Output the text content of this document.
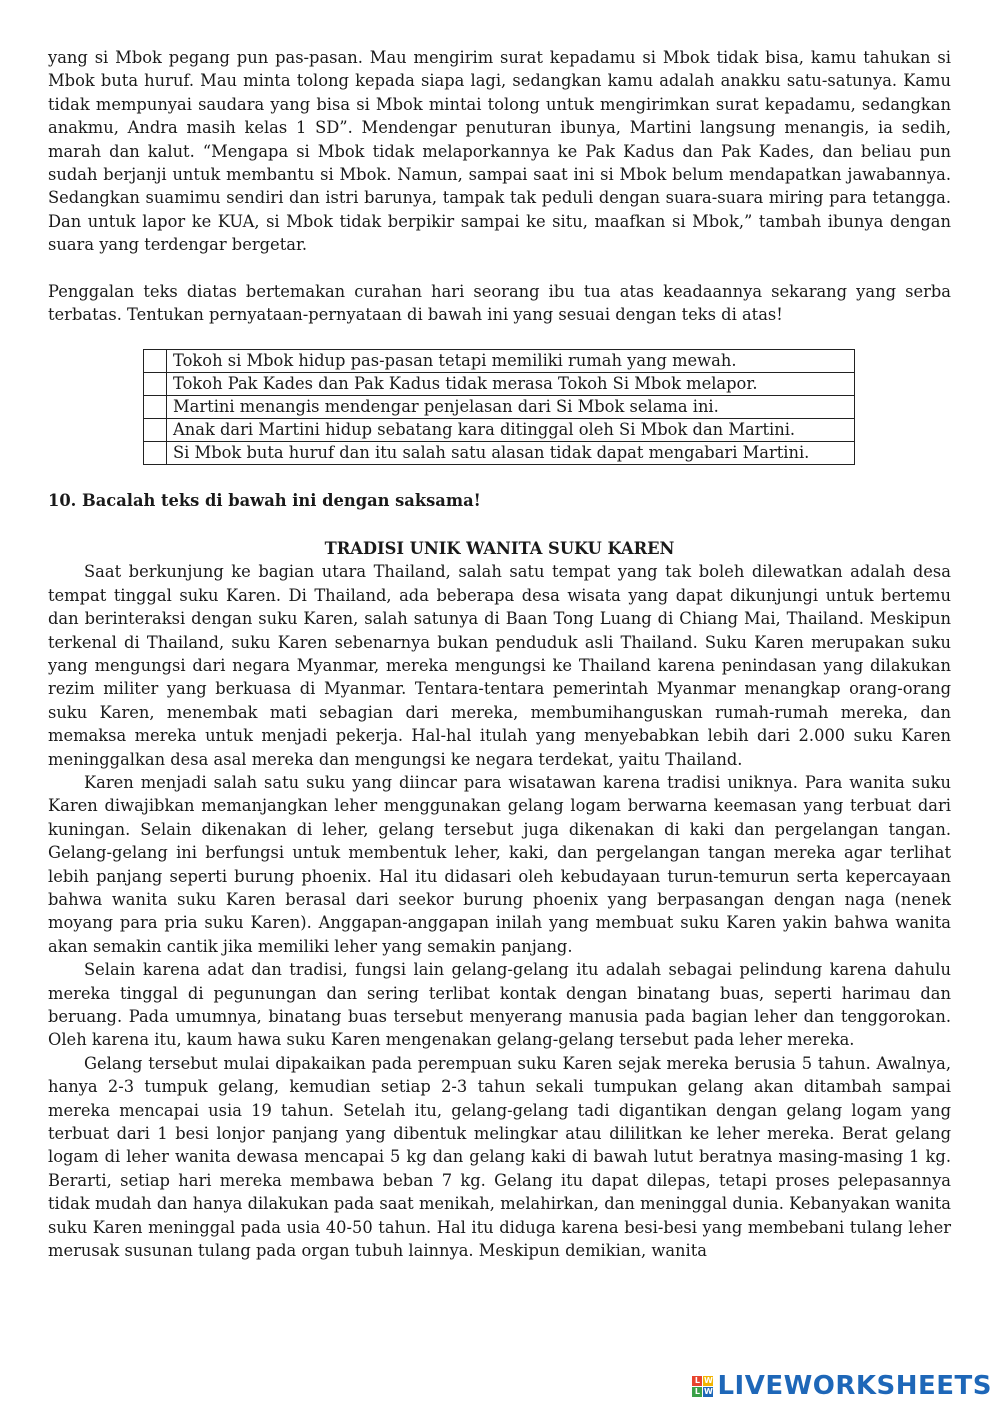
yang si Mbok pegang pun pas-pasan. Mau mengirim surat kepadamu si Mbok tidak bisa, kamu tahukan si Mbok buta huruf. Mau minta tolong kepada siapa lagi, sedangkan kamu adalah anakku satu-satunya. Kamu tidak mempunyai saudara yang bisa si Mbok mintai tolong untuk mengirimkan surat kepadamu, sedangkan anakmu, Andra masih kelas 1 SD”. Mendengar penuturan ibunya, Martini langsung menangis, ia sedih, marah dan kalut. “Mengapa si Mbok tidak melaporkannya ke Pak Kadus dan Pak Kades, dan beliau pun sudah berjanji untuk membantu si Mbok. Namun, sampai saat ini si Mbok belum mendapatkan jawabannya. Sedangkan suamimu sendiri dan istri barunya, tampak tak peduli dengan suara-suara miring para tetangga. Dan untuk lapor ke KUA, si Mbok tidak berpikir sampai ke situ, maafkan si Mbok,” tambah ibunya dengan suara yang terdengar bergetar.

Penggalan teks diatas bertemakan curahan hari seorang ibu tua atas keadaannya sekarang yang serba terbatas. Tentukan pernyataan-pernyataan di bawah ini yang sesuai dengan teks di atas!

	Tokoh si Mbok hidup pas-pasan tetapi memiliki rumah yang mewah.
	Tokoh Pak Kades dan Pak Kadus tidak merasa Tokoh Si Mbok melapor.
	Martini menangis mendengar penjelasan dari Si Mbok selama ini.
	Anak dari Martini hidup sebatang kara ditinggal oleh Si Mbok dan Martini.
	Si Mbok buta huruf dan itu salah satu alasan tidak dapat mengabari Martini.

10. Bacalah teks di bawah ini dengan saksama!

TRADISI UNIK WANITA SUKU KAREN

Saat berkunjung ke bagian utara Thailand, salah satu tempat yang tak boleh dilewatkan adalah desa tempat tinggal suku Karen. Di Thailand, ada beberapa desa wisata yang dapat dikunjungi untuk bertemu dan berinteraksi dengan suku Karen, salah satunya di Baan Tong Luang di Chiang Mai, Thailand. Meskipun terkenal di Thailand, suku Karen sebenarnya bukan penduduk asli Thailand. Suku Karen merupakan suku yang mengungsi dari negara Myanmar, mereka mengungsi ke Thailand karena penindasan yang dilakukan rezim militer yang berkuasa di Myanmar. Tentara-tentara pemerintah Myanmar menangkap orang-orang suku Karen, menembak mati sebagian dari mereka, membumihanguskan rumah-rumah mereka, dan memaksa mereka untuk menjadi pekerja. Hal-hal itulah yang menyebabkan lebih dari 2.000 suku Karen meninggalkan desa asal mereka dan mengungsi ke negara terdekat, yaitu Thailand.

Karen menjadi salah satu suku yang diincar para wisatawan karena tradisi uniknya. Para wanita suku Karen diwajibkan memanjangkan leher menggunakan gelang logam berwarna keemasan yang terbuat dari kuningan. Selain dikenakan di leher, gelang tersebut juga dikenakan di kaki dan pergelangan tangan. Gelang-gelang ini berfungsi untuk membentuk leher, kaki, dan pergelangan tangan mereka agar terlihat lebih panjang seperti burung phoenix. Hal itu didasari oleh kebudayaan turun-temurun serta kepercayaan bahwa wanita suku Karen berasal dari seekor burung phoenix yang berpasangan dengan naga (nenek moyang para pria suku Karen). Anggapan-anggapan inilah yang membuat suku Karen yakin bahwa wanita akan semakin cantik jika memiliki leher yang semakin panjang.

Selain karena adat dan tradisi, fungsi lain gelang-gelang itu adalah sebagai pelindung karena dahulu mereka tinggal di pegunungan dan sering terlibat kontak dengan binatang buas, seperti harimau dan beruang. Pada umumnya, binatang buas tersebut menyerang manusia pada bagian leher dan tenggorokan. Oleh karena itu, kaum hawa suku Karen mengenakan gelang-gelang tersebut pada leher mereka.

Gelang tersebut mulai dipakaikan pada perempuan suku Karen sejak mereka berusia 5 tahun. Awalnya, hanya 2-3 tumpuk gelang, kemudian setiap 2-3 tahun sekali tumpukan gelang akan ditambah sampai mereka mencapai usia 19 tahun. Setelah itu, gelang-gelang tadi digantikan dengan gelang logam yang terbuat dari 1 besi lonjor panjang yang dibentuk melingkar atau dililitkan ke leher mereka. Berat gelang logam di leher wanita dewasa mencapai 5 kg dan gelang kaki di bawah lutut beratnya masing-masing 1 kg. Berarti, setiap hari mereka membawa beban 7 kg. Gelang itu dapat dilepas, tetapi proses pelepasannya tidak mudah dan hanya dilakukan pada saat menikah, melahirkan, dan meninggal dunia. Kebanyakan wanita suku Karen meninggal pada usia 40-50 tahun. Hal itu diduga karena besi-besi yang membebani tulang leher merusak susunan tulang pada organ tubuh lainnya. Meskipun demikian, wanita

L W
L W LIVEWORKSHEETS
